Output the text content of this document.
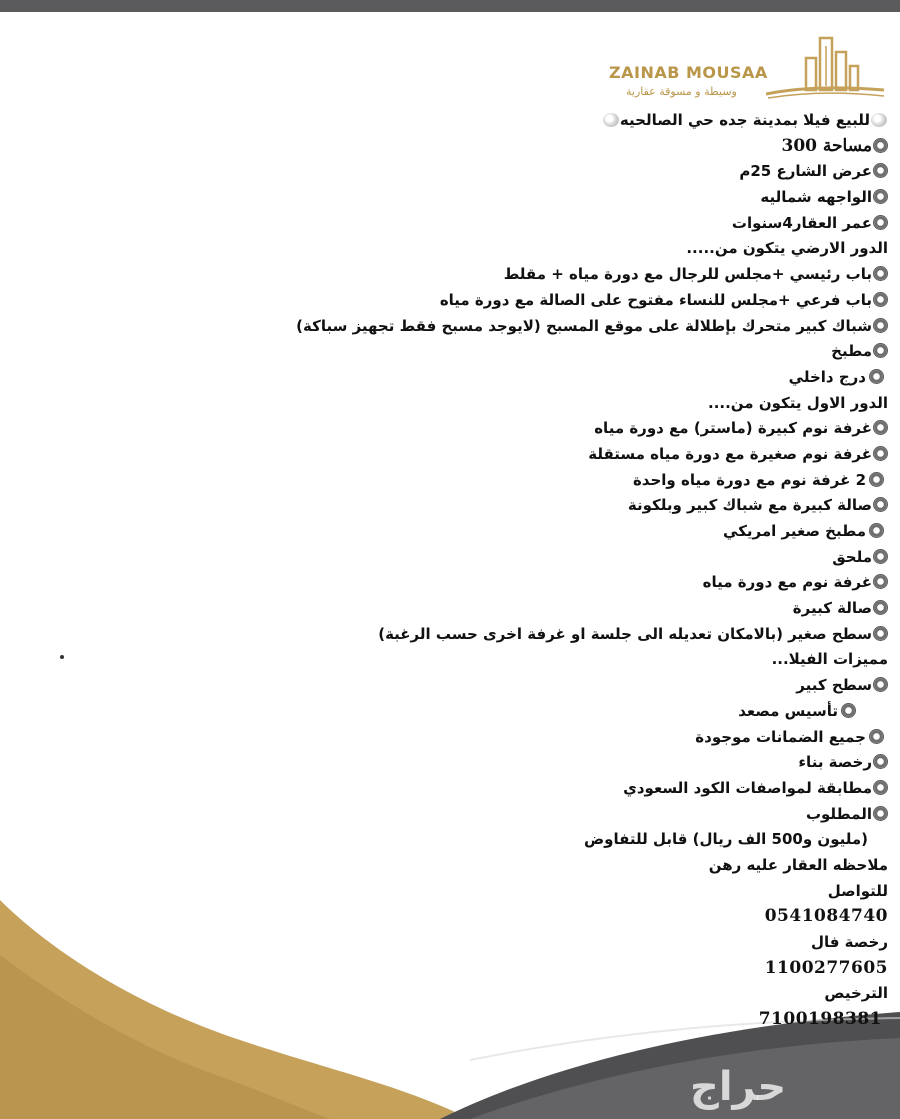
ZAINAB MOUSAA
وسيطة و مسوقة عقارية
للبيع فيلا بمدينة جده حي الصالحيه
مساحة 300
عرض الشارع 25م
الواجهه شماليه
عمر العقار4سنوات
الدور الارضي يتكون من.....
باب رئيسي +مجلس للرجال مع دورة مياه + مقلط
باب فرعي +مجلس للنساء مفتوح على الصالة مع دورة مياه
شباك كبير متحرك بإطلالة على موقع المسبح (لايوجد مسبح فقط تجهيز سباكة)
مطبخ
درج داخلي
الدور الاول يتكون من....
غرفة نوم كبيرة (ماستر) مع دورة مياه
غرفة نوم صغيرة مع دورة مياه مستقلة
2 غرفة نوم مع دورة مياه واحدة
صالة كبيرة مع شباك كبير وبلكونة
مطبخ صغير امريكي
ملحق
غرفة نوم مع دورة مياه
صالة كبيرة
سطح صغير (بالامكان تعديله الى جلسة او غرفة اخرى حسب الرغبة)
مميزات الفيلا...
سطح كبير
تأسيس مصعد
جميع الضمانات موجودة
رخصة بناء
مطابقة لمواصفات الكود السعودي
المطلوب
(مليون و500 الف ريال) قابل للتفاوض
ملاحظه العقار عليه رهن
للتواصل
0541084740
رخصة فال
1100277605
الترخيص
7100198381
حراج
